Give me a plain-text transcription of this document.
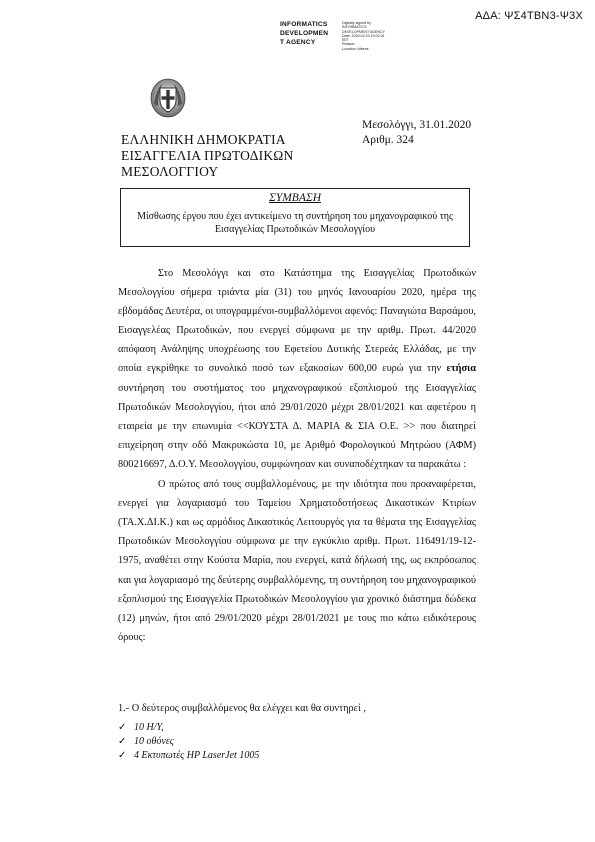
ΑΔΑ: ΨΣ4ΤΒΝ3-Ψ3Χ
INFORMATICS
DEVELOPMEN
T AGENCY
Digitally signed by
INFORMATICS
DEVELOPMENT AGENCY
Date: 2020.02.03 10:02:31
EET
Reason:
Location: Athens
Μεσολόγγι, 31.01.2020
Αριθμ. 324
ΕΛΛΗΝΙΚΗ ΔΗΜΟΚΡΑΤΙΑ
ΕΙΣΑΓΓΕΛΙΑ ΠΡΩΤΟΔΙΚΩΝ
ΜΕΣΟΛΟΓΓΙΟΥ
ΣΥΜΒΑΣΗ
Μίσθωσης έργου που έχει αντικείμενο τη συντήρηση του μηχανογραφικού της Εισαγγελίας Πρωτοδικών Μεσολογγίου

Στο Μεσολόγγι και στο Κατάστημα της Εισαγγελίας Πρωτοδικών Μεσολογγίου σήμερα τριάντα μία (31) του μηνός Ιανουαρίου 2020, ημέρα της εβδομάδας Δευτέρα, οι υπογραμμένοι-συμβαλλόμενοι αφενός: Παναγιώτα Βαρσάμου, Εισαγγελέας Πρωτοδικών, που ενεργεί σύμφωνα με την αριθμ. Πρωτ. 44/2020 απόφαση Ανάληψης υποχρέωσης του Εφετείου Δυτικής Στερεάς Ελλάδας, με την οποία εγκρίθηκε το συνολικό ποσό των εξακοσίων 600,00 ευρώ για την ετήσια συντήρηση του συστήματος του μηχανογραφικού εξοπλισμού της Εισαγγελίας Πρωτοδικών Μεσολογγίου, ήτοι από 29/01/2020 μέχρι 28/01/2021 και αφετέρου η εταιρεία με την επωνυμία <<ΚΟΥΣΤΑ Δ. ΜΑΡΙΑ & ΣΙΑ Ο.Ε. >> που διατηρεί επιχείρηση στην οδό Μακρυκώστα 10, με Αριθμό Φορολογικού Μητρώου (ΑΦΜ) 800216697, Δ.Ο.Υ. Μεσολογγίου, συμφώνησαν και συναποδέχτηκαν τα παρακάτω :

Ο πρώτος από τους συμβαλλομένους, με την ιδιότητα που προαναφέρεται, ενεργεί για λογαριασμό του Ταμείου Χρηματοδοτήσεως Δικαστικών Κτιρίων (ΤΑ.Χ.ΔΙ.Κ.) και ως αρμόδιος Δικαστικός Λειτουργός για τα θέματα της Εισαγγελίας Πρωτοδικών Μεσολογγίου σύμφωνα με την εγκύκλιο αριθμ. Πρωτ. 116491/19-12-1975, αναθέτει στην Κούστα Μαρία, που ενεργεί, κατά δήλωσή της, ως εκπρόσωπος και για λογαριασμό της δεύτερης συμβαλλόμενης, τη συντήρηση του μηχανογραφικού εξοπλισμού της Εισαγγελία Πρωτοδικών Μεσολογγίου για χρονικό διάστημα δώδεκα (12) μηνών, ήτοι από 29/01/2020 μέχρι 28/01/2021 με τους πιο κάτω ειδικότερους όρους:

1.- Ο δεύτερος συμβαλλόμενος θα ελέγχει και θα συντηρεί ,
✓ 10 Η/Υ,
✓ 10 οθόνες
✓ 4 Εκτυπωτές HP LaserJet 1005
